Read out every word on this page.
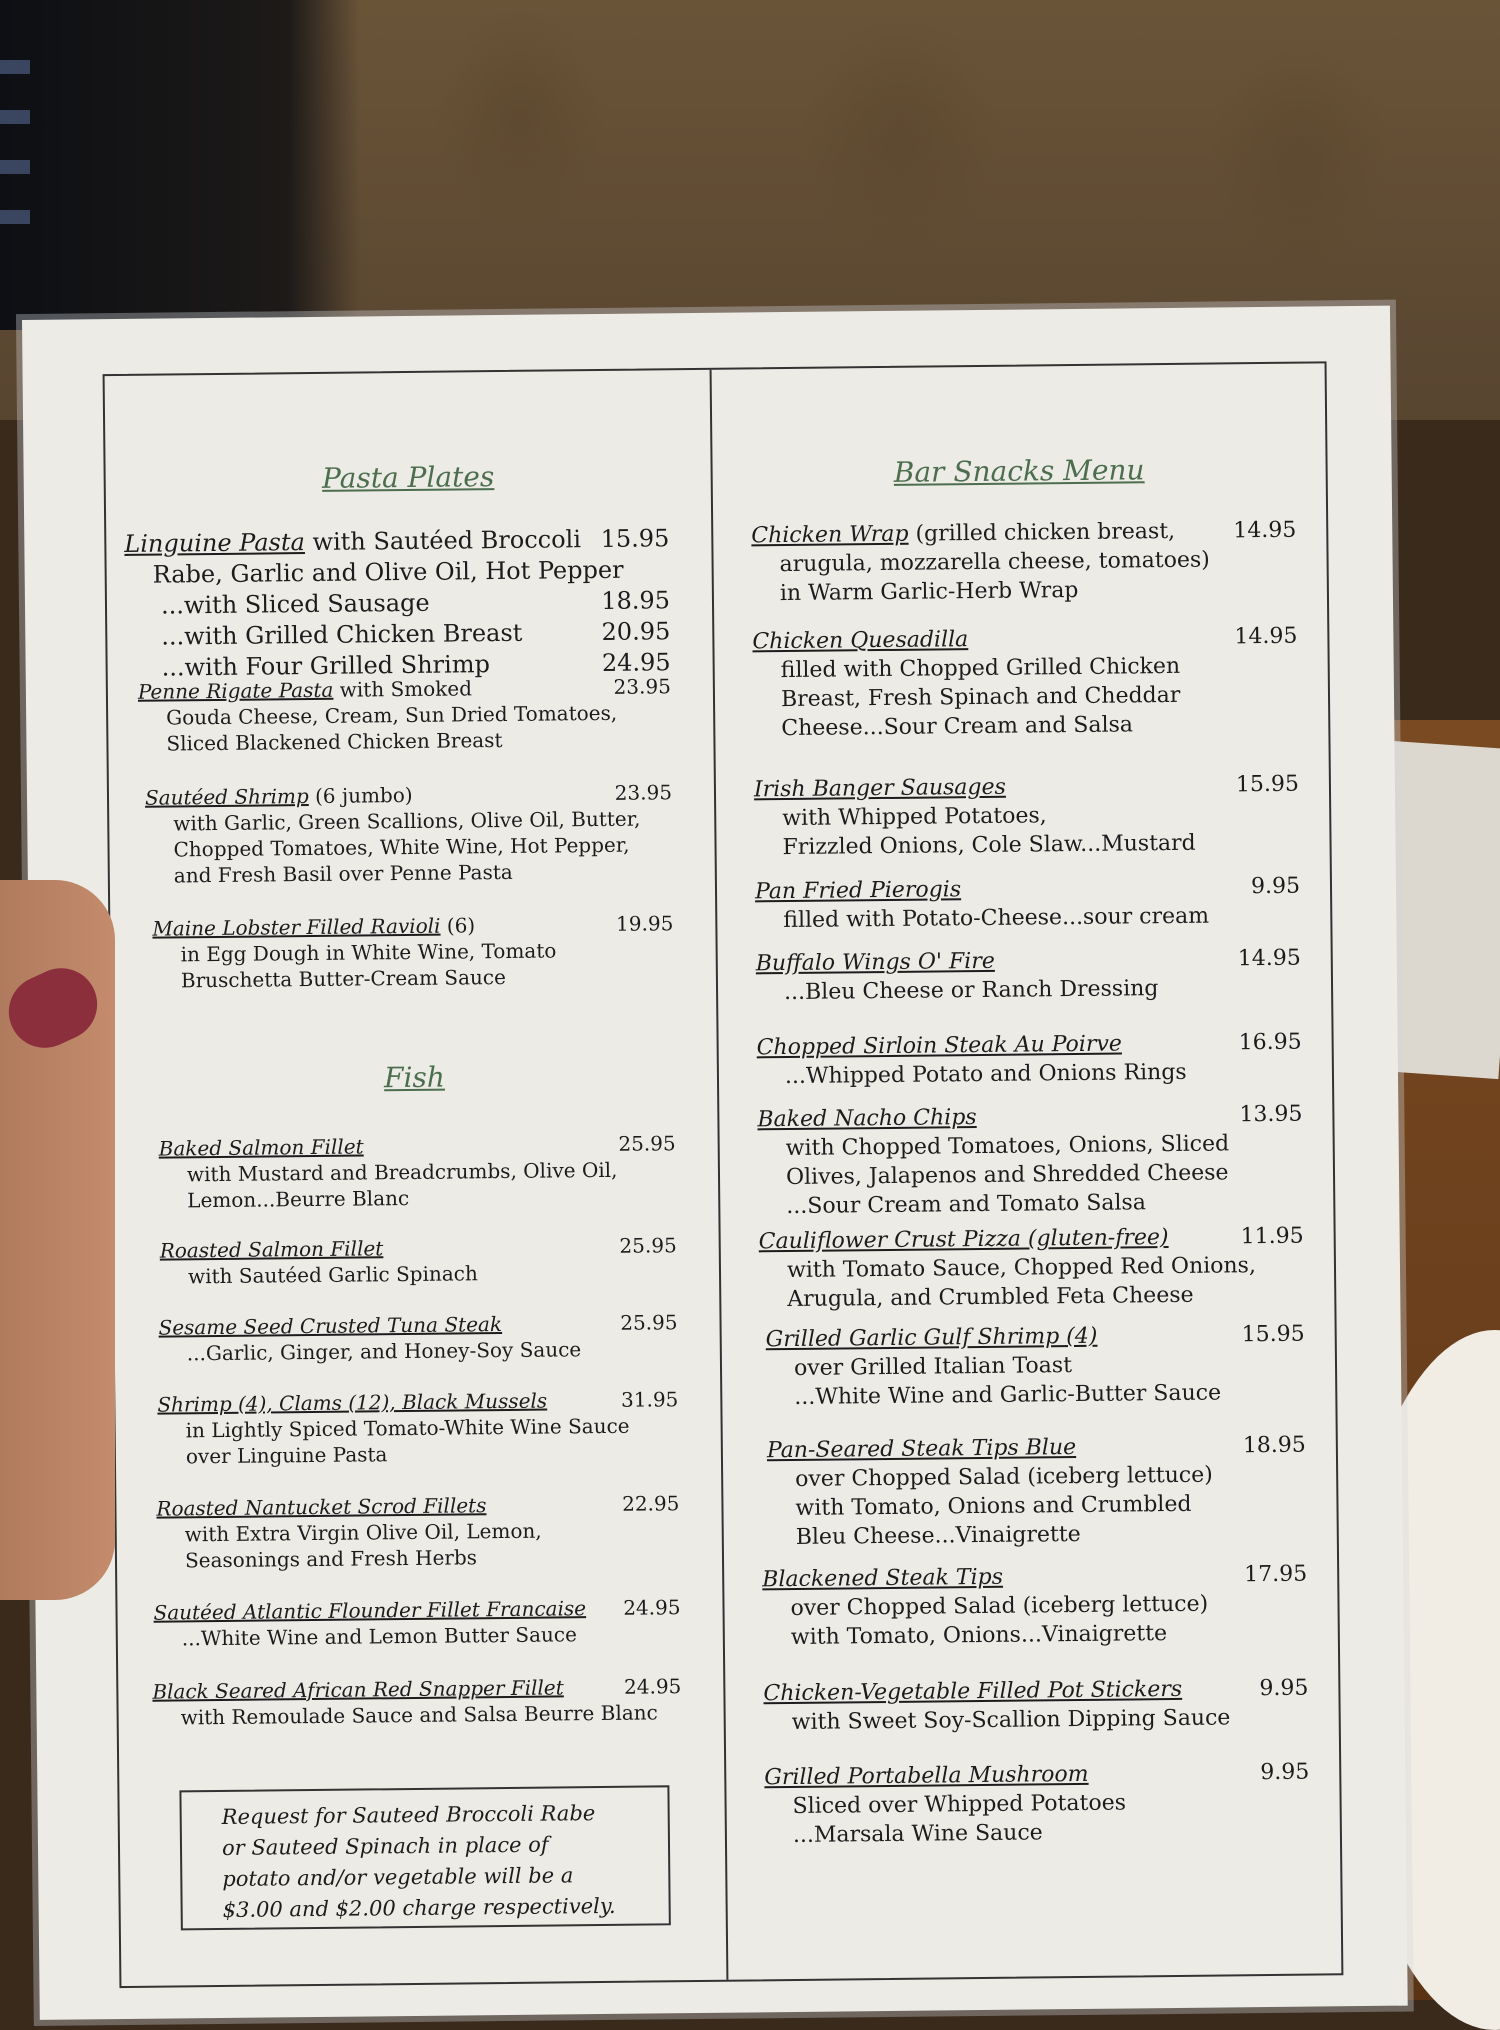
Pasta Plates
Linguine Pasta with Sautéed Broccoli 15.95
Rabe, Garlic and Olive Oil, Hot Pepper
...with Sliced Sausage	18.95
...with Grilled Chicken Breast	20.95
...with Four Grilled Shrimp	24.95
Penne Rigate Pasta with Smoked	23.95
Gouda Cheese, Cream, Sun Dried Tomatoes,
Sliced Blackened Chicken Breast
Sautéed Shrimp (6 jumbo)	23.95
with Garlic, Green Scallions, Olive Oil, Butter,
Chopped Tomatoes, White Wine, Hot Pepper,
and Fresh Basil over Penne Pasta
Maine Lobster Filled Ravioli (6)	19.95
in Egg Dough in White Wine, Tomato
Bruschetta Butter-Cream Sauce
Fish
Baked Salmon Fillet	25.95
with Mustard and Breadcrumbs, Olive Oil,
Lemon...Beurre Blanc
Roasted Salmon Fillet	25.95
with Sautéed Garlic Spinach
Sesame Seed Crusted Tuna Steak	25.95
...Garlic, Ginger, and Honey-Soy Sauce
Shrimp (4), Clams (12), Black Mussels	31.95
in Lightly Spiced Tomato-White Wine Sauce
over Linguine Pasta
Roasted Nantucket Scrod Fillets	22.95
with Extra Virgin Olive Oil, Lemon,
Seasonings and Fresh Herbs
Sautéed Atlantic Flounder Fillet Francaise 24.95
...White Wine and Lemon Butter Sauce
Black Seared African Red Snapper Fillet	24.95
with Remoulade Sauce and Salsa Beurre Blanc
Request for Sauteed Broccoli Rabe
or Sauteed Spinach in place of
potato and/or vegetable will be a
$3.00 and $2.00 charge respectively.
Bar Snacks Menu
Chicken Wrap (grilled chicken breast,	14.95
arugula, mozzarella cheese, tomatoes)
in Warm Garlic-Herb Wrap
Chicken Quesadilla	14.95
filled with Chopped Grilled Chicken
Breast, Fresh Spinach and Cheddar
Cheese...Sour Cream and Salsa
Irish Banger Sausages	15.95
with Whipped Potatoes,
Frizzled Onions, Cole Slaw...Mustard
Pan Fried Pierogis	9.95
filled with Potato-Cheese...sour cream
Buffalo Wings O' Fire	14.95
...Bleu Cheese or Ranch Dressing
Chopped Sirloin Steak Au Poirve	16.95
...Whipped Potato and Onions Rings
Baked Nacho Chips	13.95
with Chopped Tomatoes, Onions, Sliced
Olives, Jalapenos and Shredded Cheese
...Sour Cream and Tomato Salsa
Cauliflower Crust Pizza (gluten-free)	11.95
with Tomato Sauce, Chopped Red Onions,
Arugula, and Crumbled Feta Cheese
Grilled Garlic Gulf Shrimp (4)	15.95
over Grilled Italian Toast
...White Wine and Garlic-Butter Sauce
Pan-Seared Steak Tips Blue	18.95
over Chopped Salad (iceberg lettuce)
with Tomato, Onions and Crumbled
Bleu Cheese...Vinaigrette
Blackened Steak Tips	17.95
over Chopped Salad (iceberg lettuce)
with Tomato, Onions...Vinaigrette
Chicken-Vegetable Filled Pot Stickers	9.95
with Sweet Soy-Scallion Dipping Sauce
Grilled Portabella Mushroom	9.95
Sliced over Whipped Potatoes
...Marsala Wine Sauce
